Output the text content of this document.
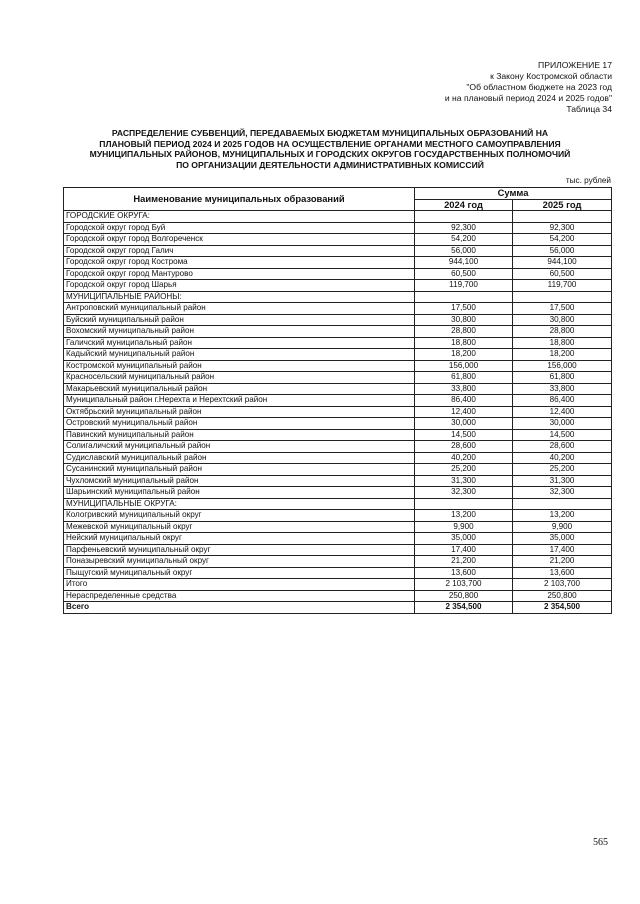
ПРИЛОЖЕНИЕ 17
к Закону Костромской области
"Об областном бюджете на 2023 год
и на плановый период 2024 и 2025 годов"
Таблица 34
РАСПРЕДЕЛЕНИЕ СУБВЕНЦИЙ, ПЕРЕДАВАЕМЫХ БЮДЖЕТАМ МУНИЦИПАЛЬНЫХ ОБРАЗОВАНИЙ НА
ПЛАНОВЫЙ ПЕРИОД 2024 И 2025 ГОДОВ НА ОСУЩЕСТВЛЕНИЕ ОРГАНАМИ МЕСТНОГО САМОУПРАВЛЕНИЯ
МУНИЦИПАЛЬНЫХ РАЙОНОВ, МУНИЦИПАЛЬНЫХ И ГОРОДСКИХ ОКРУГОВ ГОСУДАРСТВЕННЫХ ПОЛНОМОЧИЙ
ПО ОРГАНИЗАЦИИ ДЕЯТЕЛЬНОСТИ АДМИНИСТРАТИВНЫХ КОМИССИЙ
тыс. рублей
Наименование муниципальных образований	Сумма	
	2024 год	2025 год
ГОРОДСКИЕ ОКРУГА:		
Городской округ город Буй	92,300	92,300
Городской округ город Волгореченск	54,200	54,200
Городской округ город Галич	56,000	56,000
Городской округ город Кострома	944,100	944,100
Городской округ город Мантурово	60,500	60,500
Городской округ город Шарья	119,700	119,700
МУНИЦИПАЛЬНЫЕ РАЙОНЫ:		
Антроповский муниципальный район	17,500	17,500
Буйский муниципальный район	30,800	30,800
Вохомский муниципальный район	28,800	28,800
Галичский муниципальный район	18,800	18,800
Кадыйский муниципальный район	18,200	18,200
Костромской муниципальный район	156,000	156,000
Красносельский муниципальный район	61,800	61,800
Макарьевский муниципальный район	33,800	33,800
Муниципальный район г.Нерехта и Нерехтский район	86,400	86,400
Октябрьский муниципальный район	12,400	12,400
Островский муниципальный район	30,000	30,000
Павинский муниципальный район	14,500	14,500
Солигаличский муниципальный район	28,600	28,600
Судиславский муниципальный район	40,200	40,200
Сусанинский муниципальный район	25,200	25,200
Чухломский муниципальный район	31,300	31,300
Шарьинский муниципальный район	32,300	32,300
МУНИЦИПАЛЬНЫЕ ОКРУГА:		
Кологривский муниципальный округ	13,200	13,200
Межевской муниципальный округ	9,900	9,900
Нейский муниципальный округ	35,000	35,000
Парфеньевский муниципальный округ	17,400	17,400
Поназыревский муниципальный округ	21,200	21,200
Пыщугский муниципальный округ	13,600	13,600
Итого	2 103,700	2 103,700
Нераспределенные средства	250,800	250,800
Всего	2 354,500	2 354,500
565
